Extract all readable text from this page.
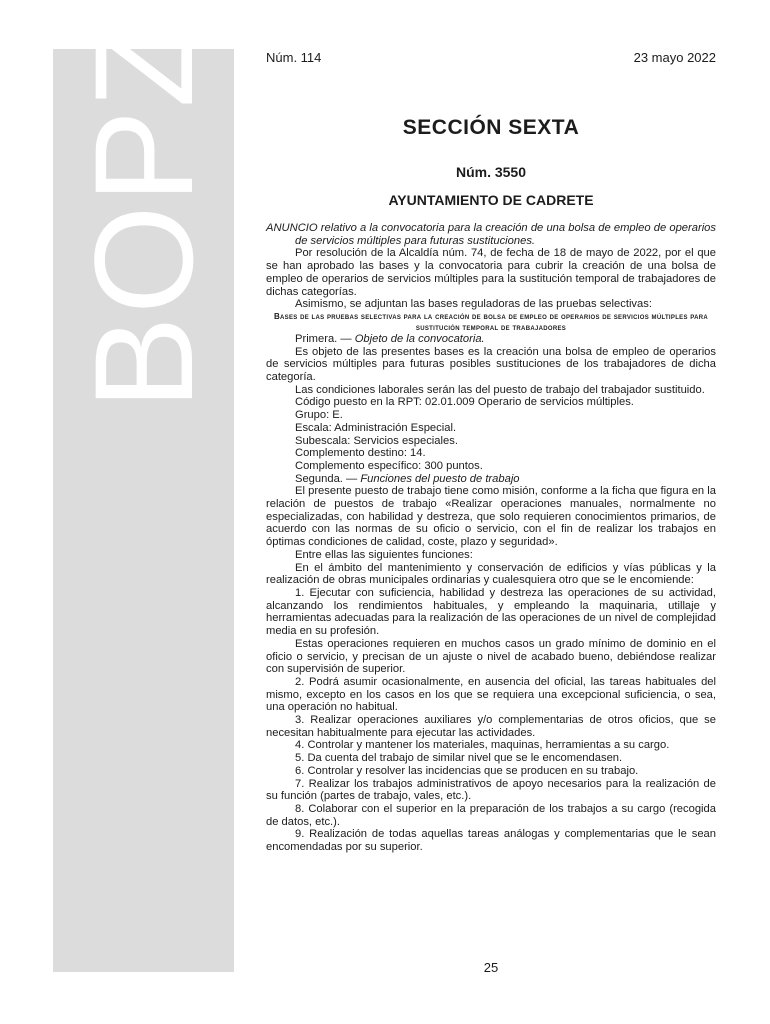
BOPZ	Núm. 114	23 mayo 2022
SECCIÓN SEXTA
Núm. 3550
AYUNTAMIENTO DE CADRETE

ANUNCIO relativo a la convocatoria para la creación de una bolsa de empleo de operarios de servicios múltiples para futuras sustituciones.

Por resolución de la Alcaldía núm. 74, de fecha de 18 de mayo de 2022, por el que se han aprobado las bases y la convocatoria para cubrir la creación de una bolsa de empleo de operarios de servicios múltiples para la sustitución temporal de trabajadores de dichas categorías.

Asimismo, se adjuntan las bases reguladoras de las pruebas selectivas:

Bases de las pruebas selectivas para la creación de bolsa de empleo de operarios de servicios múltiples para sustitución temporal de trabajadores

Primera. — Objeto de la convocatoria.

Es objeto de las presentes bases es la creación una bolsa de empleo de operarios de servicios múltiples para futuras posibles sustituciones de los trabajadores de dicha categoría.

Las condiciones laborales serán las del puesto de trabajo del trabajador sustituido.

Código puesto en la RPT: 02.01.009 Operario de servicios múltiples.

Grupo: E.

Escala: Administración Especial.

Subescala: Servicios especiales.

Complemento destino: 14.

Complemento específico: 300 puntos.

Segunda. — Funciones del puesto de trabajo

El presente puesto de trabajo tiene como misión, conforme a la ficha que figura en la relación de puestos de trabajo «Realizar operaciones manuales, normalmente no especializadas, con habilidad y destreza, que solo requieren conocimientos primarios, de acuerdo con las normas de su oficio o servicio, con el fin de realizar los trabajos en óptimas condiciones de calidad, coste, plazo y seguridad».

Entre ellas las siguientes funciones:

En el ámbito del mantenimiento y conservación de edificios y vías públicas y la realización de obras municipales ordinarias y cualesquiera otro que se le encomiende:

1. Ejecutar con suficiencia, habilidad y destreza las operaciones de su actividad, alcanzando los rendimientos habituales, y empleando la maquinaria, utillaje y herramientas adecuadas para la realización de las operaciones de un nivel de complejidad media en su profesión.

Estas operaciones requieren en muchos casos un grado mínimo de dominio en el oficio o servicio, y precisan de un ajuste o nivel de acabado bueno, debiéndose realizar con supervisión de superior.

2. Podrá asumir ocasionalmente, en ausencia del oficial, las tareas habituales del mismo, excepto en los casos en los que se requiera una excepcional suficiencia, o sea, una operación no habitual.

3. Realizar operaciones auxiliares y/o complementarias de otros oficios, que se necesitan habitualmente para ejecutar las actividades.

4. Controlar y mantener los materiales, maquinas, herramientas a su cargo.

5. Da cuenta del trabajo de similar nivel que se le encomendasen.

6. Controlar y resolver las incidencias que se producen en su trabajo.

7. Realizar los trabajos administrativos de apoyo necesarios para la realización de su función (partes de trabajo, vales, etc.).

8. Colaborar con el superior en la preparación de los trabajos a su cargo (recogida de datos, etc.).

9. Realización de todas aquellas tareas análogas y complementarias que le sean encomendadas por su superior.

25
